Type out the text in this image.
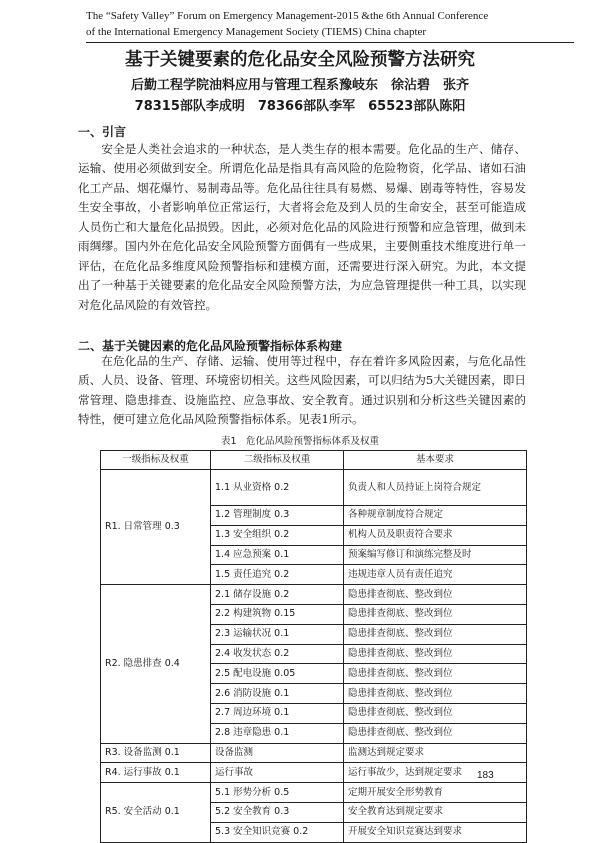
The “Safety Valley” Forum on Emergency Management-2015 &the 6th Annual Conference
of the International Emergency Management Society (TIEMS) China chapter
基于关键要素的危化品安全风险预警方法研究
后勤工程学院油料应用与管理工程系豫岐东　徐沾碧　张齐
78315部队李成明　78366部队李军　65523部队陈阳
一、引言
安全是人类社会追求的一种状态，是人类生存的根本需要。危化品的生产、储存、运输、使用必须做到安全。所谓危化品是指具有高风险的危险物资，化学品、诸如石油化工产品、烟花爆竹、易制毒品等。危化品往往具有易燃、易爆、剧毒等特性，容易发生安全事故，小者影响单位正常运行，大者将会危及到人员的生命安全，甚至可能造成人员伤亡和大量危化品损毁。因此，必须对危化品的风险进行预警和应急管理，做到未雨绸缪。国内外在危化品安全风险预警方面偶有一些成果，主要侧重技术维度进行单一评估，在危化品多维度风险预警指标和建模方面，还需要进行深入研究。为此，本文提出了一种基于关键要素的危化品安全风险预警方法，为应急管理提供一种工具，以实现对危化品风险的有效管控。
二、基于关键因素的危化品风险预警指标体系构建
在危化品的生产、存储、运输、使用等过程中，存在着许多风险因素，与危化品性质、人员、设备、管理、环境密切相关。这些风险因素，可以归结为5大关键因素，即日常管理、隐患排查、设施监控、应急事故、安全教育。通过识别和分析这些关键因素的特性，便可建立危化品风险预警指标体系。见表1所示。
表1　危化品风险预警指标体系及权重
一级指标及权重	二级指标及权重	基本要求
R1. 日常管理 0.3	1.1 从业资格 0.2	负责人和人员持证上岗符合规定
	1.2 管理制度 0.3	各种规章制度符合规定
	1.3 安全组织 0.2	机构人员及职责符合要求
	1.4 应急预案 0.1	预案编写修订和演练完整及时
	1.5 责任追究 0.2	违规违章人员有责任追究
R2. 隐患排查 0.4	2.1 储存设施 0.2	隐患排查彻底、整改到位
	2.2 构建筑物 0.15	隐患排查彻底、整改到位
	2.3 运输状况 0.1	隐患排查彻底、整改到位
	2.4 收发状态 0.2	隐患排查彻底、整改到位
	2.5 配电设施 0.05	隐患排查彻底、整改到位
	2.6 消防设施 0.1	隐患排查彻底、整改到位
	2.7 周边环境 0.1	隐患排查彻底、整改到位
	2.8 违章隐患 0.1	隐患排查彻底、整改到位
R3. 设备监测 0.1	设备监测	监测达到规定要求
R4. 运行事故 0.1	运行事故	运行事故少，达到规定要求
R5. 安全活动 0.1	5.1 形势分析 0.5	定期开展安全形势教育
	5.2 安全教育 0.3	安全教育达到规定要求
	5.3 安全知识竞赛 0.2	开展安全知识竞赛达到要求
183
